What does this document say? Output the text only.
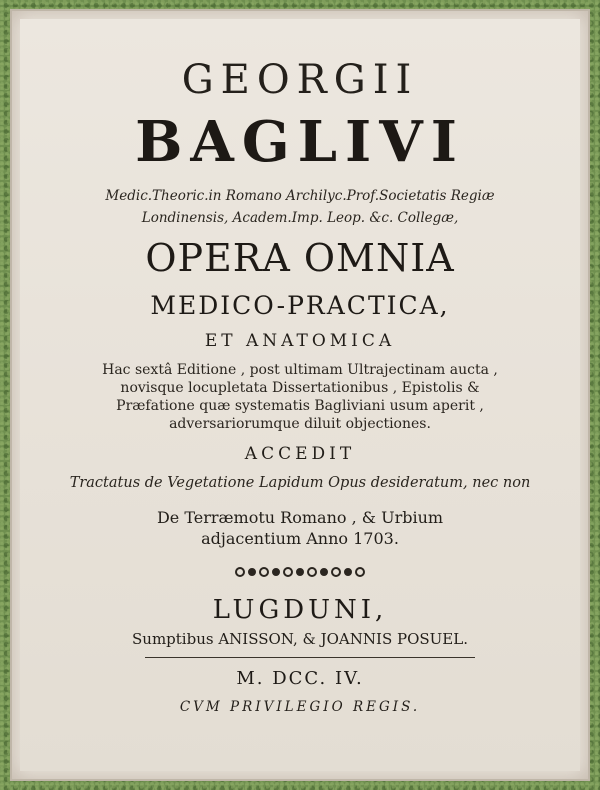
GEORGII
BAGLIVI
Medic.Theoric.in Romano Archilyc.Prof.Societatis Regiæ
Londinensis, Academ.Imp. Leop. &c. Collegæ,
OPERA OMNIA
MEDICO-PRACTICA,
ET ANATOMICA
Hac sextâ Editione , post ultimam Ultrajectinam aucta ,
novisque locupletata Dissertationibus , Epistolis &
Præfatione quæ systematis Bagliviani usum aperit ,
adversariorumque diluit objectiones.
ACCEDIT
Tractatus de Vegetatione Lapidum Opus desideratum, nec non
De Terræmotu Romano , & Urbium
adjacentium Anno 1703.
LUGDUNI,
Sumptibus ANISSON, & JOANNIS POSUEL.
M. DCC. IV.
CVM PRIVILEGIO REGIS.
